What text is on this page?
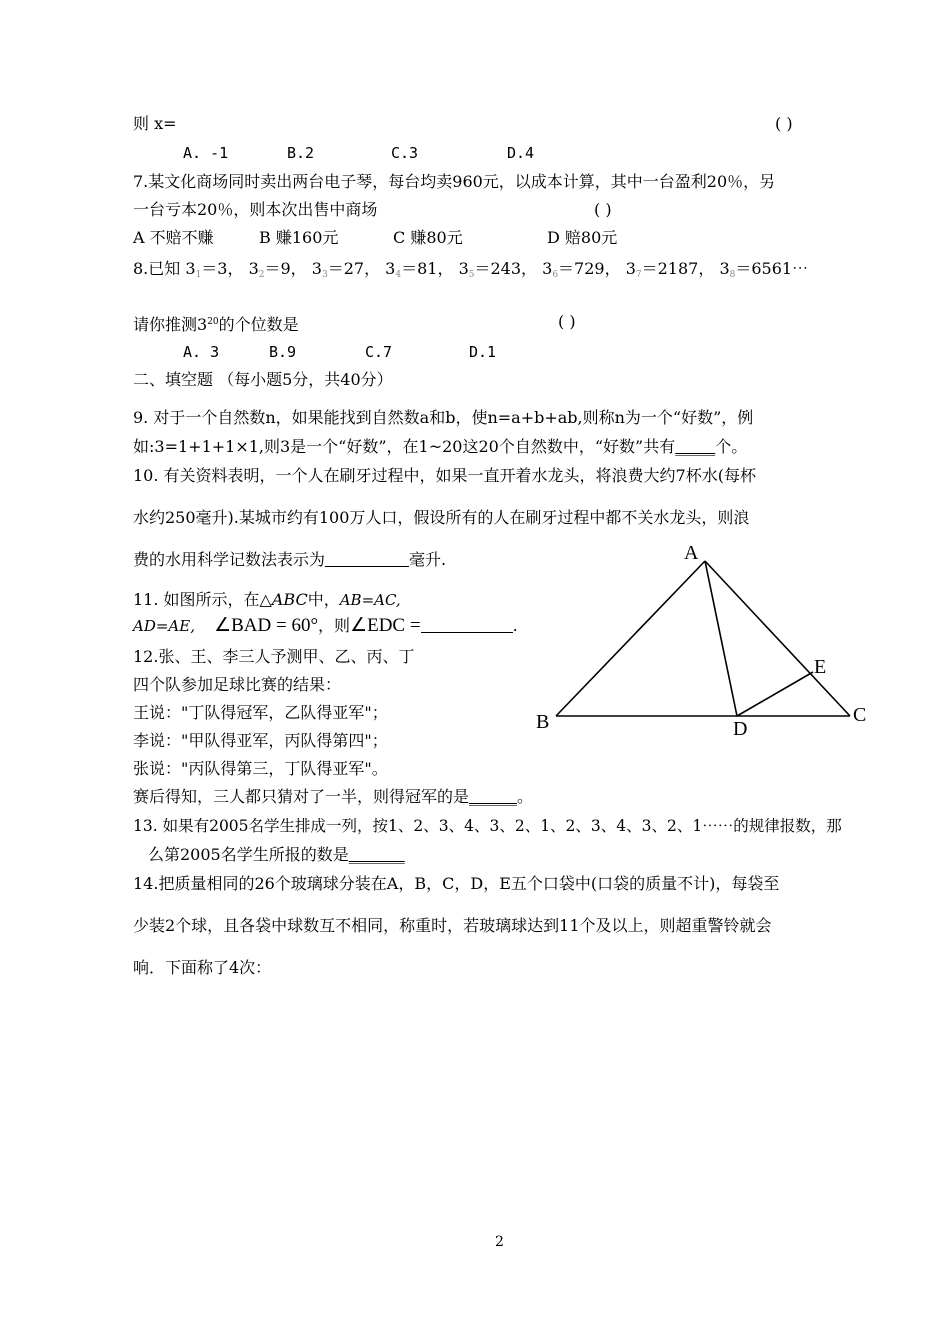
则 x=	( )
A. -1	B.2	C.3	D.4
7.某文化商场同时卖出两台电子琴，每台均卖960元，以成本计算，其中一台盈利20％，另
一台亏本20％，则本次出售中商场	( )
A 不赔不赚	B 赚160元	C 赚80元	D 赔80元
8.已知 $3_1=3$， $3_2=9$， $3_3=27$， $3_4=81$， $3_5=243$， $3_6=729$， $3_7=2187$， $3_8=6561\cdots$
请你推测$3^{20}$的个位数是	( )
A. 3	B.9	C.7	D.1
二、填空题 （每小题5分，共40分）
9. 对于一个自然数n，如果能找到自然数a和b，使n=a+b+ab,则称n为一个“好数”，例
如:3=1+1+1×1,则3是一个“好数”，在1~20这20个自然数中，“好数”共有_____个。
10. 有关资料表明，一个人在刷牙过程中，如果一直开着水龙头，将浪费大约7杯水(每杯
水约250毫升).某城市约有100万人口，假设所有的人在刷牙过程中都不关水龙头，则浪
费的水用科学记数法表示为	毫升.
11. 如图所示，在△ABC中，AB=AC,
AD=AE, ∠BAD = 60°，则∠EDC =	.
12.张、王、李三人予测甲、乙、丙、丁
四个队参加足球比赛的结果：
王说："丁队得冠军，乙队得亚军"；
李说："甲队得亚军，丙队得第四"；
张说："丙队得第三，丁队得亚军"。
赛后得知，三人都只猜对了一半，则得冠军的是______。
13. 如果有2005名学生排成一列，按1、2、3、4、3、2、1、2、3、4、3、2、1⋯⋯的规律报数，那
么第2005名学生所报的数是_______
14.把质量相同的26个玻璃球分装在A，B，C，D，E五个口袋中(口袋的质量不计)，每袋至
少装2个球，且各袋中球数互不相同，称重时，若玻璃球达到11个及以上，则超重警铃就会
响．下面称了4次：
A
B	C
D
E
2
